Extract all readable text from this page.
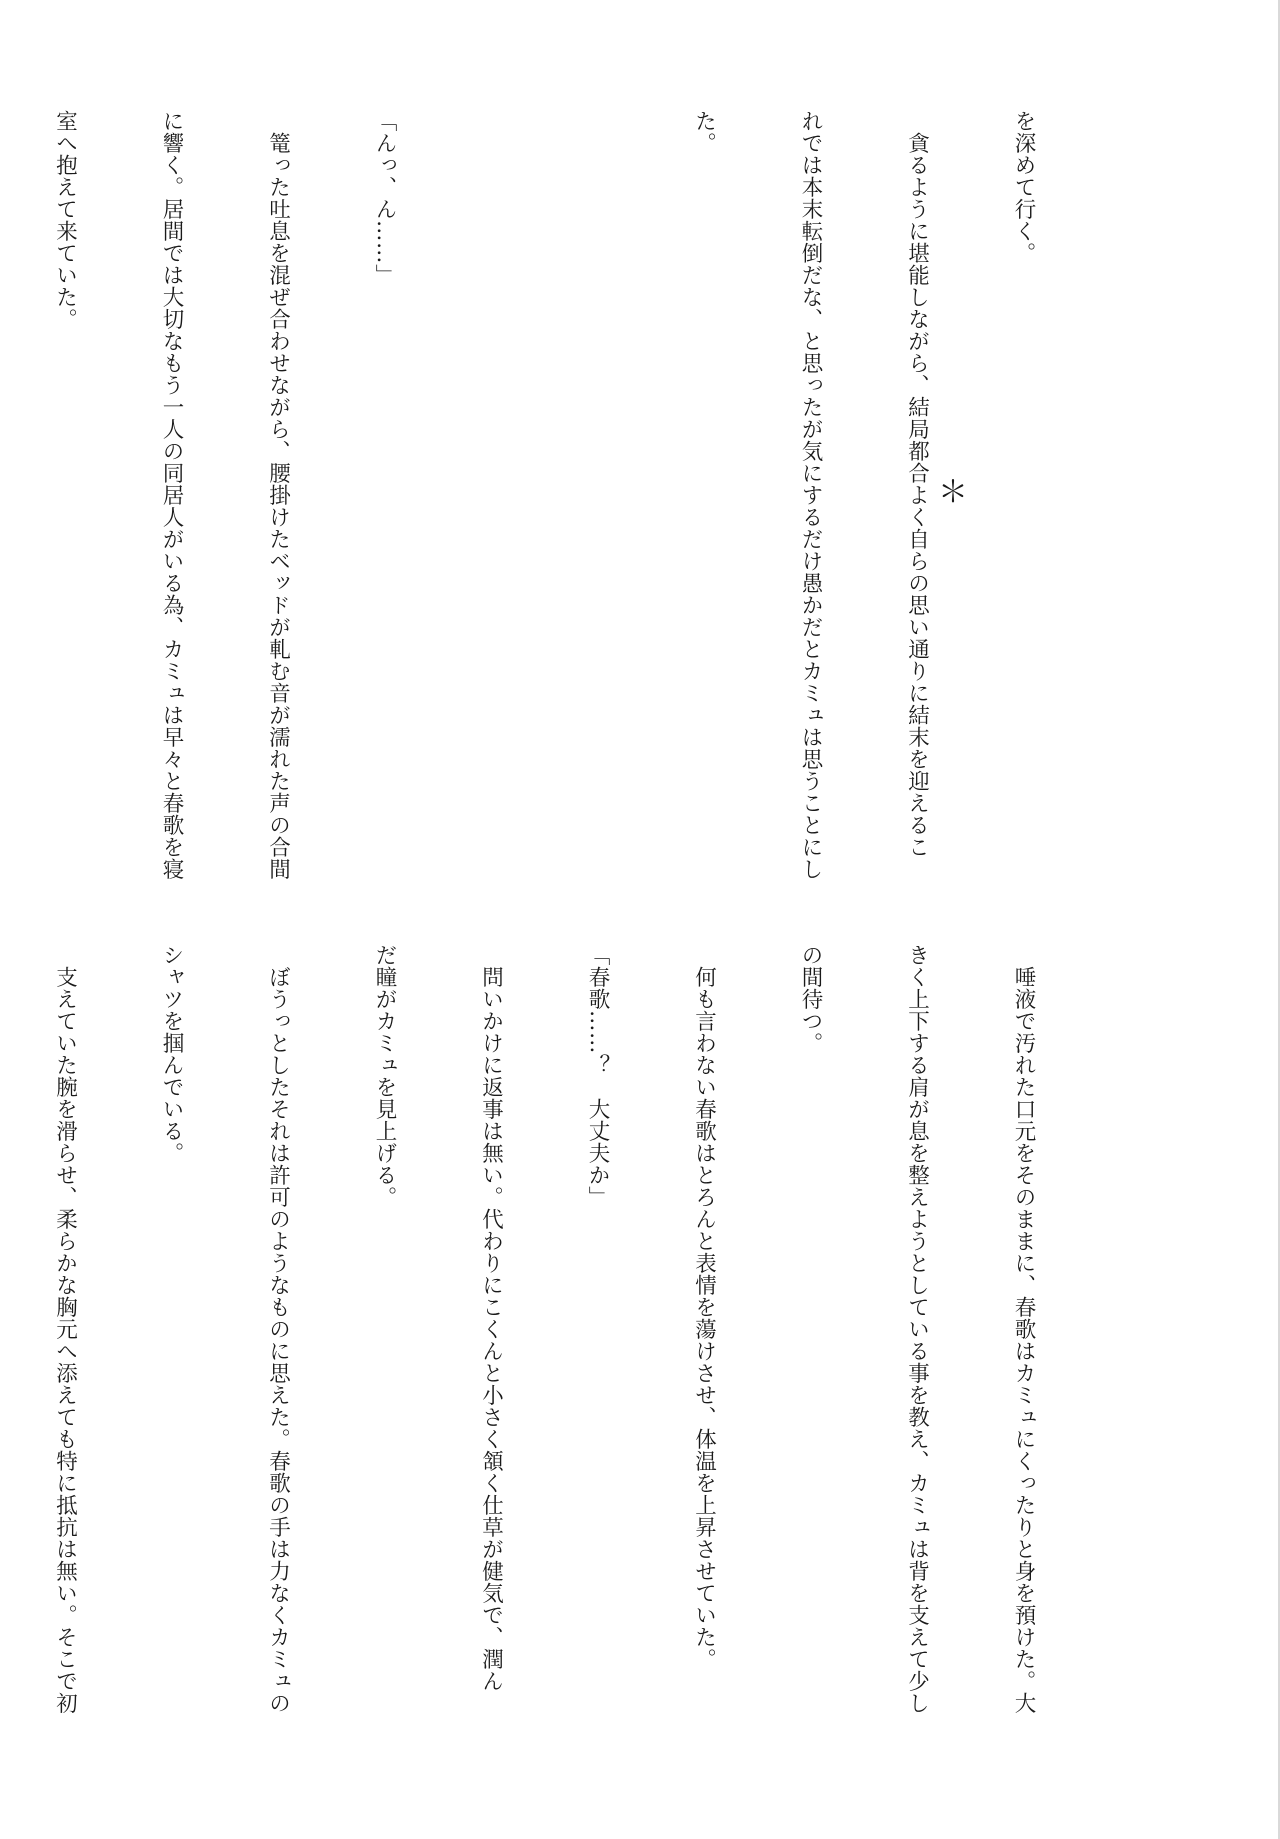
を深めて行く。

　貪るように堪能しながら、結局都合よく自らの思い通りに結末を迎えるこ

れでは本末転倒だな、と思ったが気にするだけ愚かだとカミュは思うことにし

た。

「んっ、ん……」

　篭った吐息を混ぜ合わせながら、腰掛けたベッドが軋む音が濡れた声の合間

に響く。居間では大切なもう一人の同居人がいる為、カミュは早々と春歌を寝

室へ抱えて来ていた。

＊

　唾液で汚れた口元をそのままに、春歌はカミュにくったりと身を預けた。大

きく上下する肩が息を整えようとしている事を教え、カミュは背を支えて少し

の間待つ。

　何も言わない春歌はとろんと表情を蕩けさせ、体温を上昇させていた。

「春歌……？　大丈夫か」

　問いかけに返事は無い。代わりにこくんと小さく頷く仕草が健気で、潤ん

だ瞳がカミュを見上げる。

　ぼうっとしたそれは許可のようなものに思えた。春歌の手は力なくカミュの

シャツを掴んでいる。

　支えていた腕を滑らせ、柔らかな胸元へ添えても特に抵抗は無い。そこで初
